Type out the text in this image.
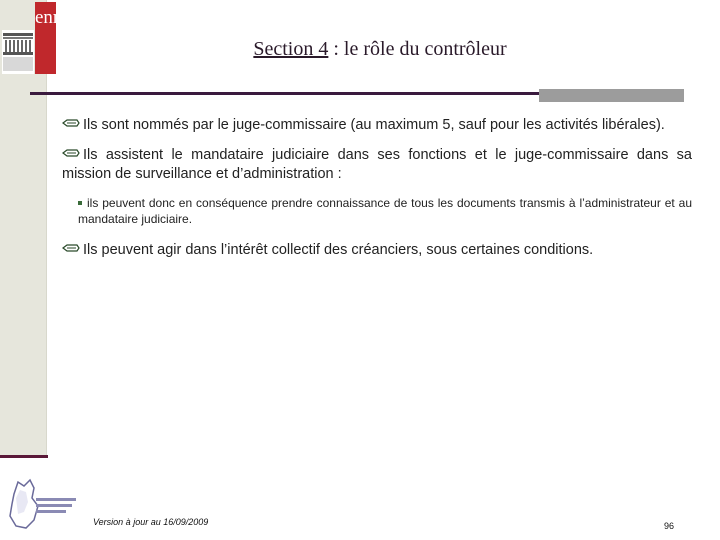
enm
Section 4 : le rôle du contrôleur
Ils sont nommés par le juge-commissaire (au maximum 5, sauf pour les activités libérales).
Ils assistent le mandataire judiciaire dans ses fonctions et le juge-commissaire dans sa mission de surveillance et d’administration :
ils peuvent donc en conséquence prendre connaissance de tous les documents transmis à l’administrateur et au mandataire judiciaire.
Ils peuvent agir dans l’intérêt collectif des créanciers, sous certaines conditions.
Version à jour au 16/09/2009	96
